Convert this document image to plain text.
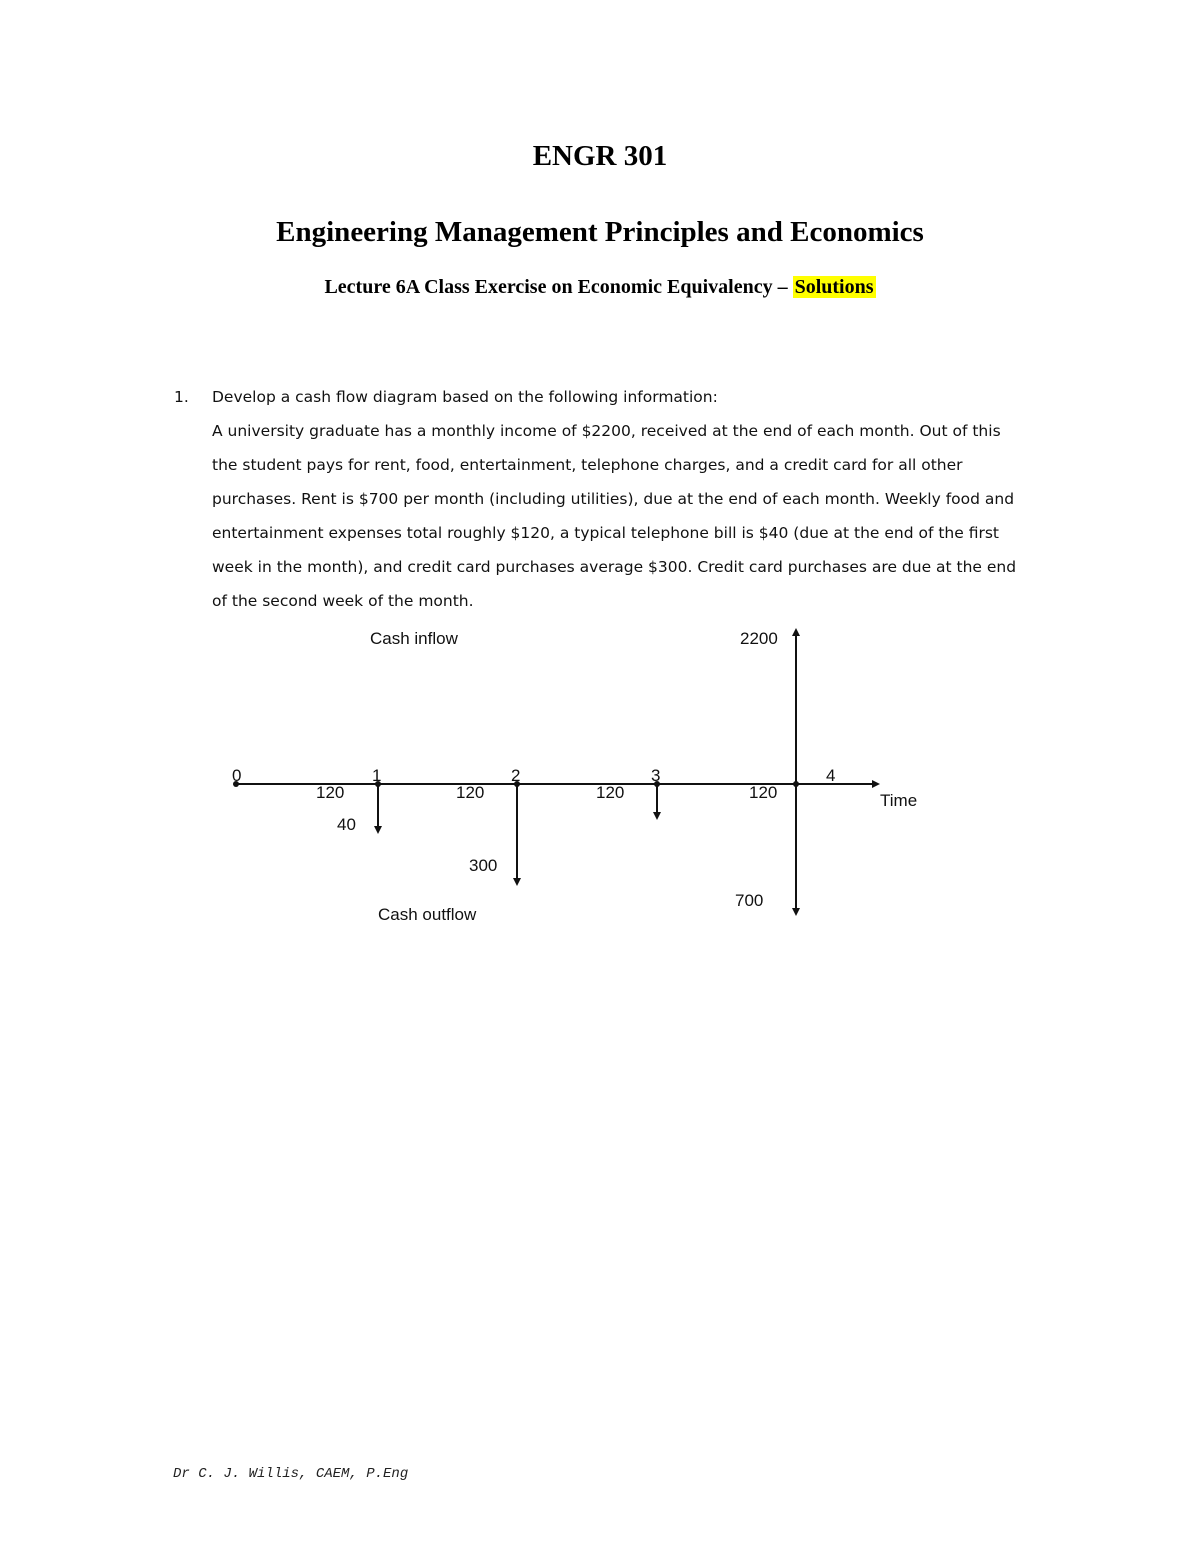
ENGR 301
Engineering Management Principles and Economics
Lecture 6A Class Exercise on Economic Equivalency – Solutions
1. Develop a cash flow diagram based on the following information:
A university graduate has a monthly income of $2200, received at the end of each month. Out of this
the student pays for rent, food, entertainment, telephone charges, and a credit card for all other
purchases. Rent is $700 per month (including utilities), due at the end of each month. Weekly food and
entertainment expenses total roughly $120, a typical telephone bill is $40 (due at the end of the first
week in the month), and credit card purchases average $300. Credit card purchases are due at the end
of the second week of the month.
0	1	2	3	4
2200
120
40
120
300
120	120
700
Cash inflow
Cash outflow
Time
Dr C. J. Willis, CAEM, P.Eng
